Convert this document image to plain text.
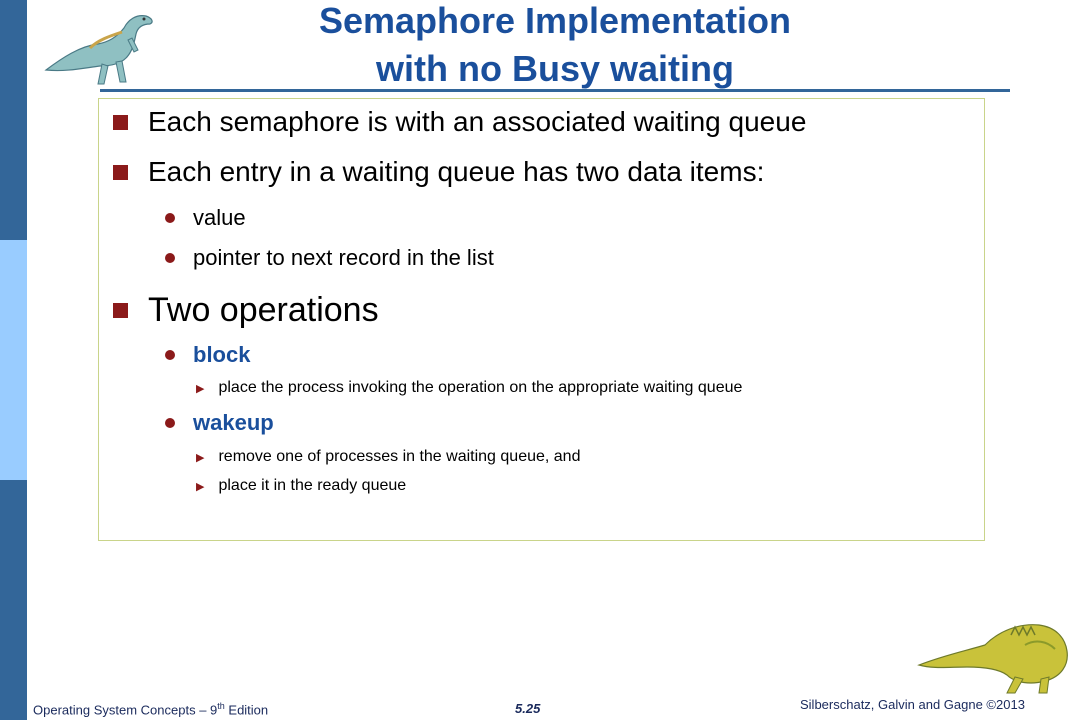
Semaphore Implementation
with no Busy waiting
Each semaphore is with an associated waiting queue
Each entry in a waiting queue has two data items:
value
pointer to next record in the list
Two operations
block
▶ place the process invoking the operation on the appropriate waiting queue
wakeup
▶ remove one of processes in the waiting queue, and
▶ place it in the ready queue
Operating System Concepts – 9th Edition	5.25	Silberschatz, Galvin and Gagne ©2013
